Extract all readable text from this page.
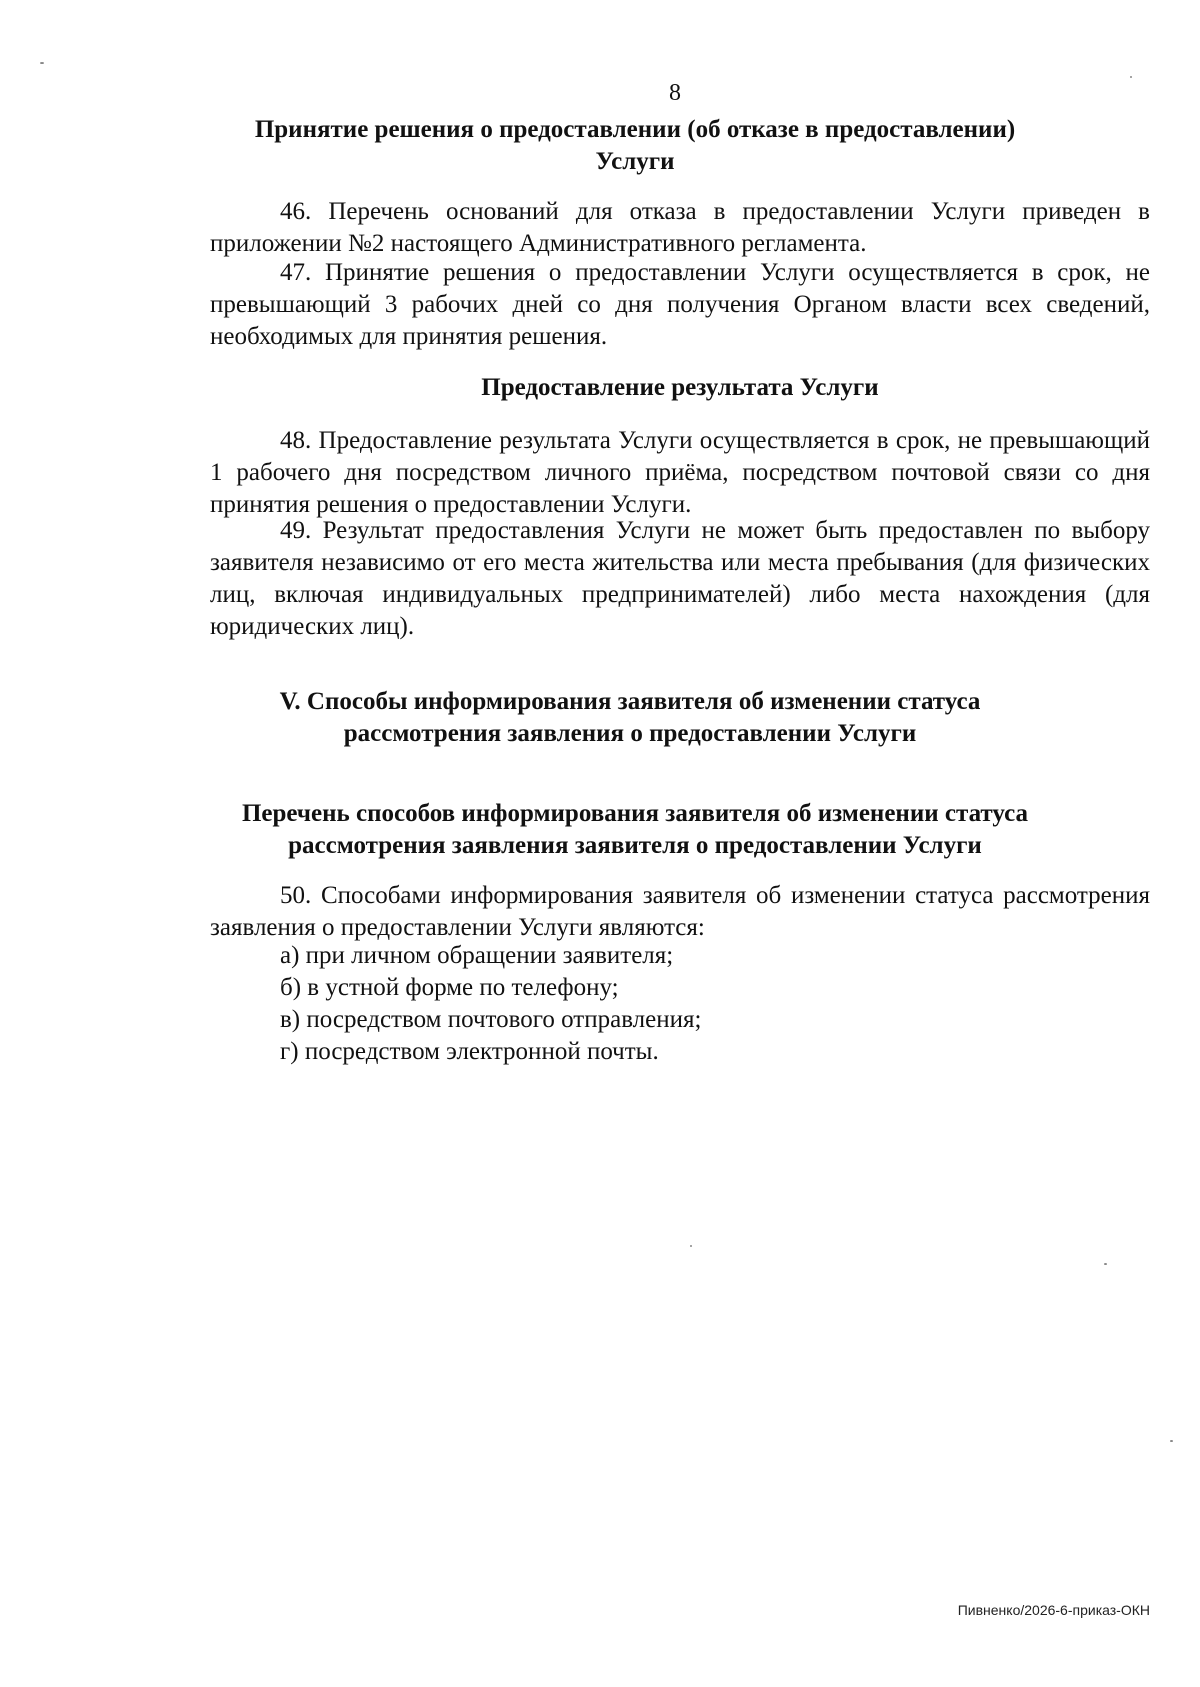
8

Принятие решения о предоставлении (об отказе в предоставлении) Услуги

46. Перечень оснований для отказа в предоставлении Услуги приведен в приложении №2 настоящего Административного регламента.

47. Принятие решения о предоставлении Услуги осуществляется в срок, не превышающий 3 рабочих дней со дня получения Органом власти всех сведений, необходимых для принятия решения.

Предоставление результата Услуги

48. Предоставление результата Услуги осуществляется в срок, не превышающий 1 рабочего дня посредством личного приёма, посредством почтовой связи со дня принятия решения о предоставлении Услуги.

49. Результат предоставления Услуги не может быть предоставлен по выбору заявителя независимо от его места жительства или места пребывания (для физических лиц, включая индивидуальных предпринимателей) либо места нахождения (для юридических лиц).

V. Способы информирования заявителя об изменении статуса рассмотрения заявления о предоставлении Услуги

Перечень способов информирования заявителя об изменении статуса рассмотрения заявления заявителя о предоставлении Услуги

50. Способами информирования заявителя об изменении статуса рассмотрения заявления о предоставлении Услуги являются:

а) при личном обращении заявителя;
б) в устной форме по телефону;
в) посредством почтового отправления;
г) посредством электронной почты.
Пивненко/2026-6-приказ-ОКН
